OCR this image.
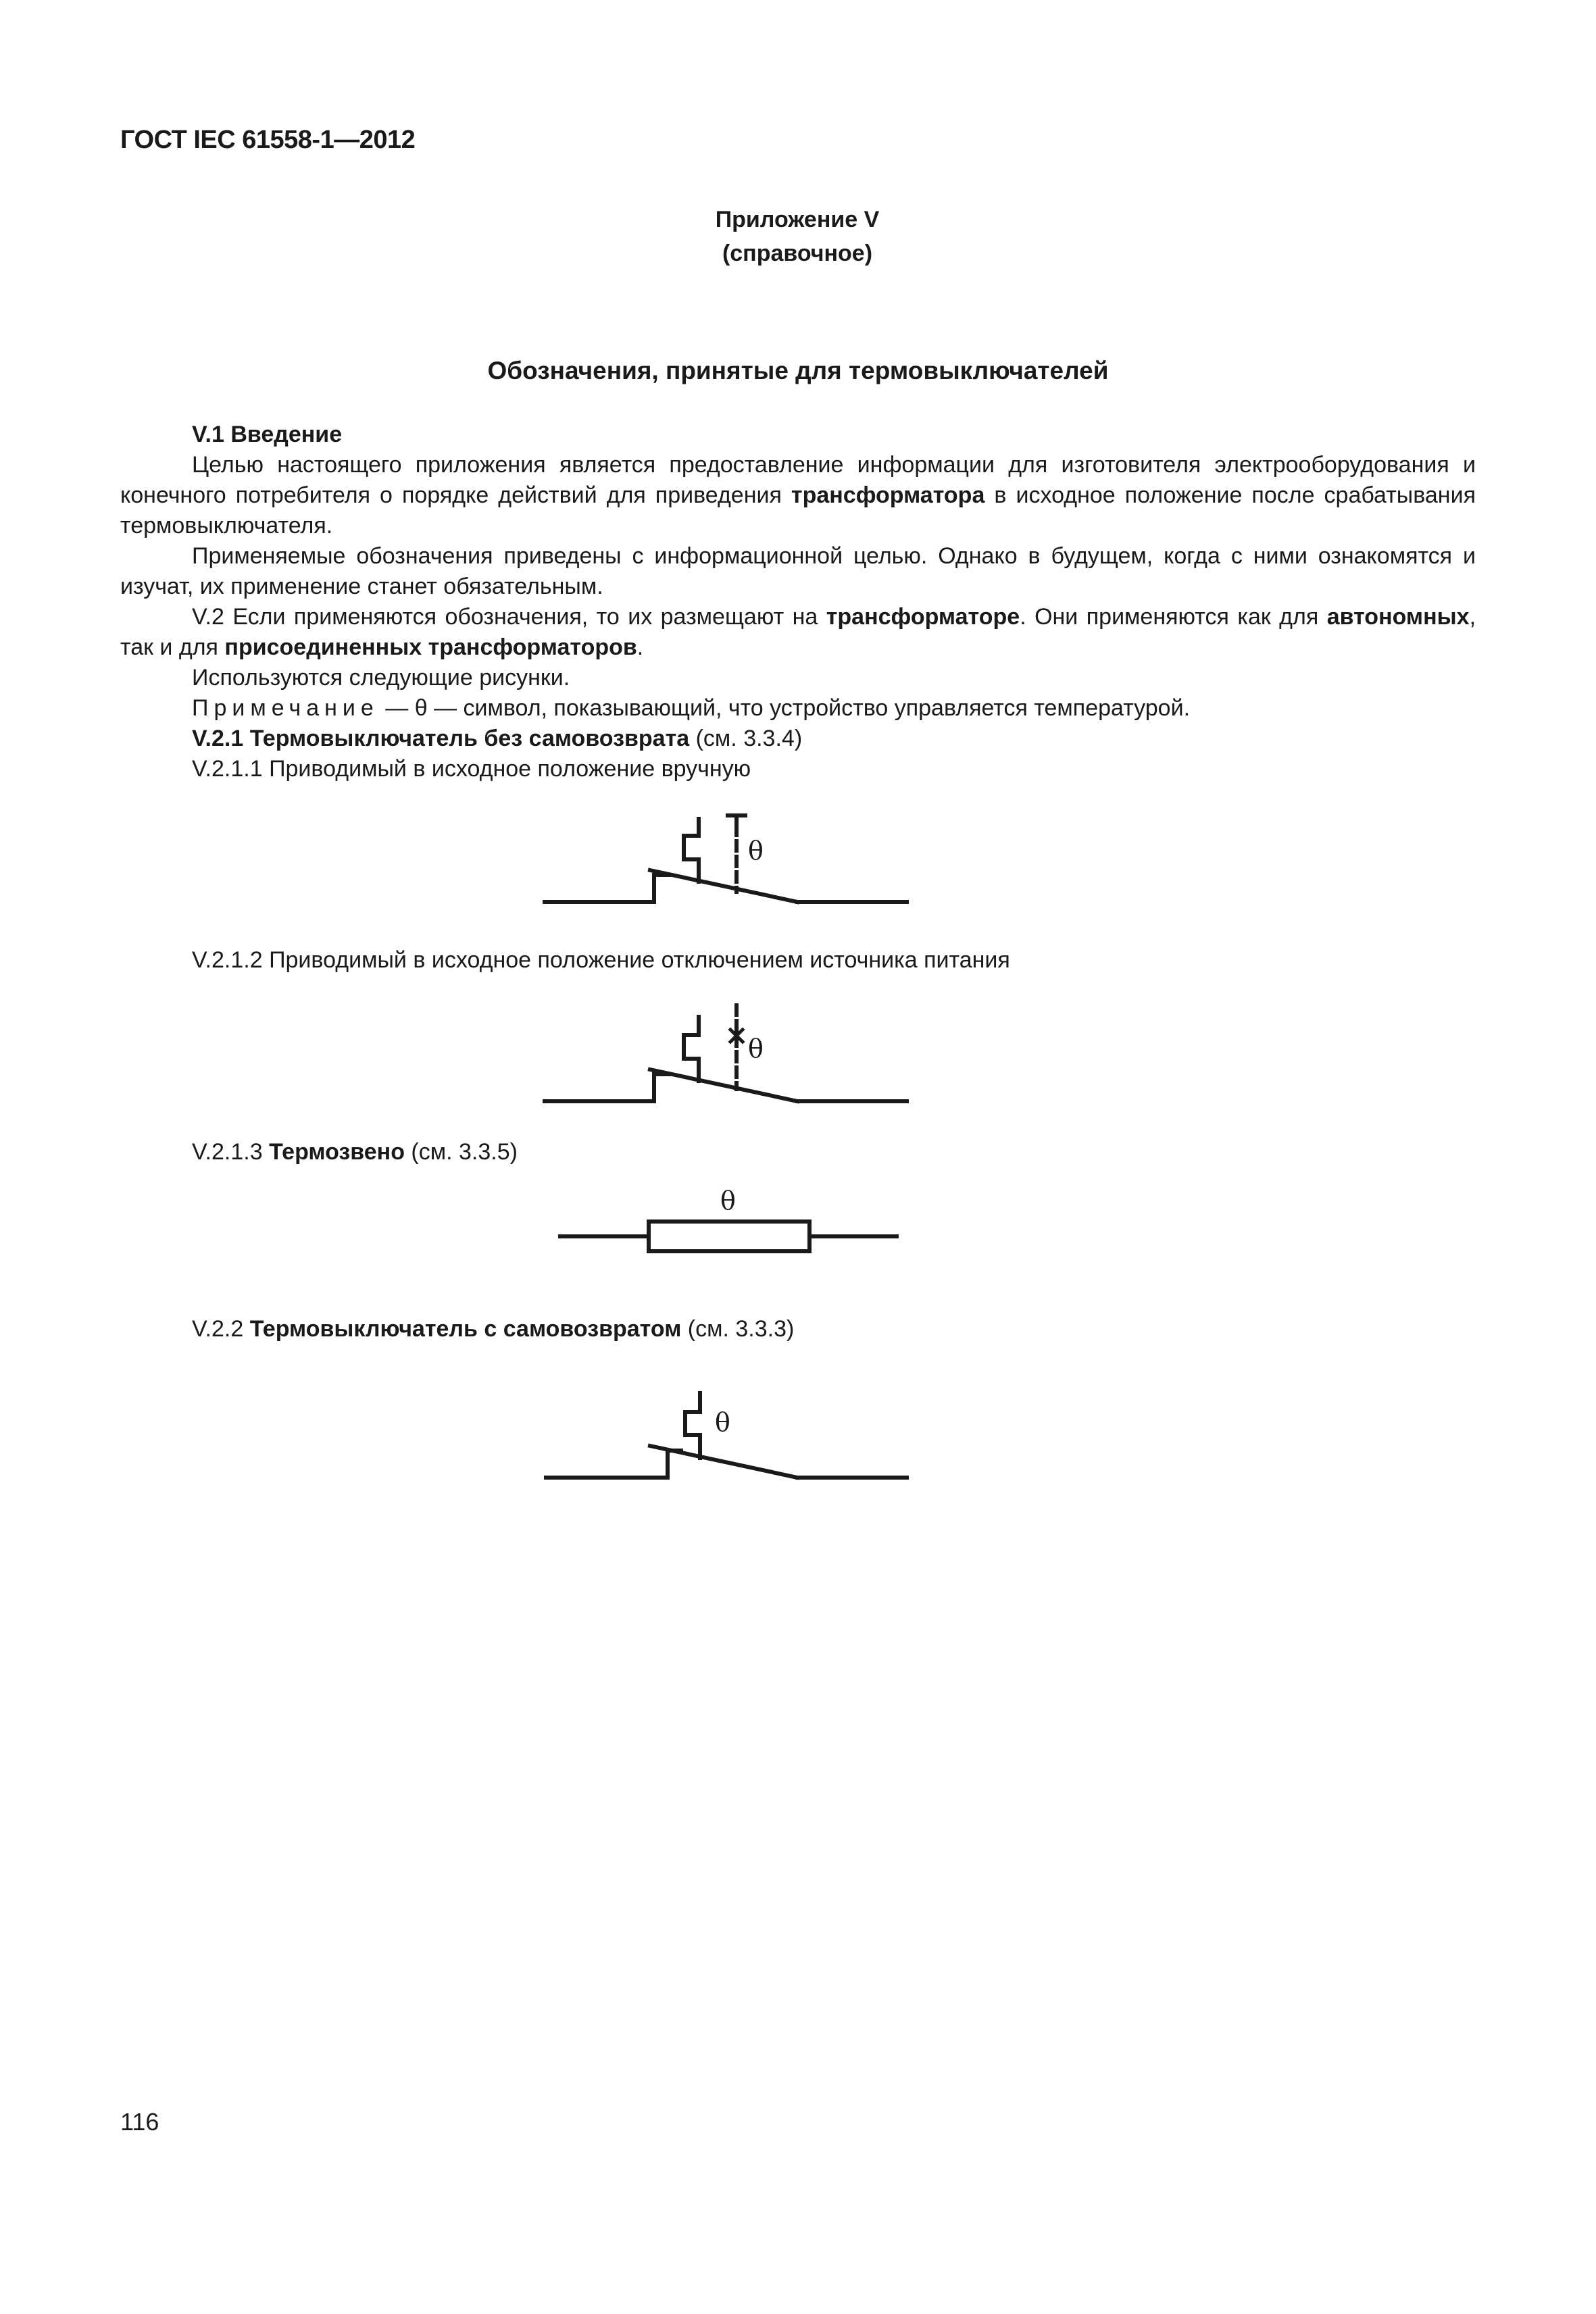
ГОСТ IEC 61558-1—2012
Приложение V
(справочное)
Обозначения, принятые для термовыключателей

V.1 Введение

Целью настоящего приложения является предоставление информации для изготовителя электрооборудования и конечного потребителя о порядке действий для приведения трансформатора в исходное положение после срабатывания термовыключателя.

Применяемые обозначения приведены с информационной целью. Однако в будущем, когда с ними ознакомятся и изучат, их применение станет обязательным.

V.2 Если применяются обозначения, то их размещают на трансформаторе. Они применяются как для автономных, так и для присоединенных трансформаторов.

Используются следующие рисунки.

Примечание — θ — символ, показывающий, что устройство управляется температурой.

V.2.1 Термовыключатель без самовозврата (см. 3.3.4)

V.2.1.1 Приводимый в исходное положение вручную

θ
V.2.1.2 Приводимый в исходное положение отключением источника питания
θ
V.2.1.3 Термозвено (см. 3.3.5)
θ
V.2.2 Термовыключатель с самовозвратом (см. 3.3.3)
θ
116
